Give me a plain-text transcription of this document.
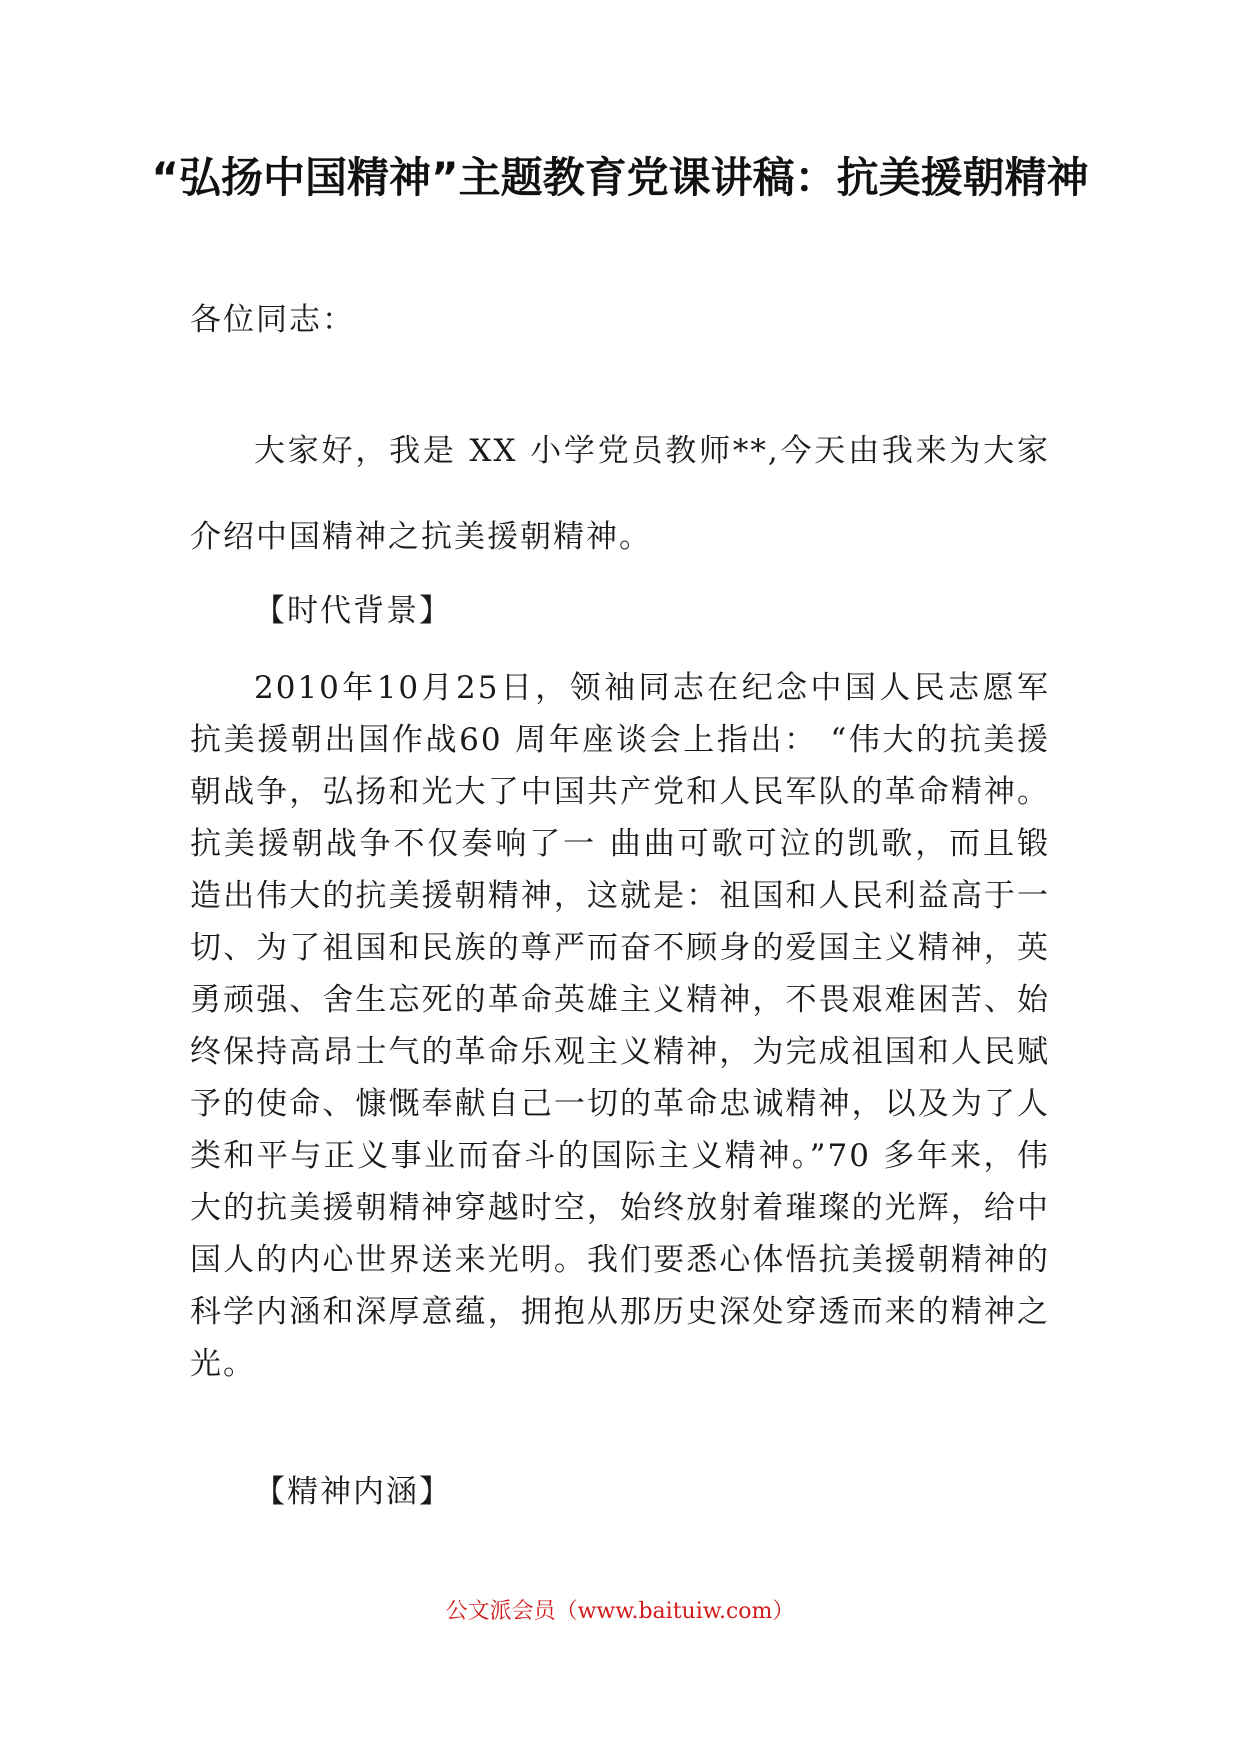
“弘扬中国精神”主题教育党课讲稿：抗美援朝精神

各位同志：

大家好，我是 XX 小学党员教师**,今天由我来为大家介绍中国精神之抗美援朝精神。

【时代背景】

2010年10月25日，领袖同志在纪念中国人民志愿军抗美援朝出国作战60 周年座谈会上指出： “伟大的抗美援朝战争，弘扬和光大了中国共产党和人民军队的革命精神。抗美援朝战争不仅奏响了一 曲曲可歌可泣的凯歌，而且锻造出伟大的抗美援朝精神，这就是：祖国和人民利益高于一切、为了祖国和民族的尊严而奋不顾身的爱国主义精神，英勇顽强、舍生忘死的革命英雄主义精神，不畏艰难困苦、始终保持高昂士气的革命乐观主义精神，为完成祖国和人民赋予的使命、慷慨奉献自己一切的革命忠诚精神，以及为了人类和平与正义事业而奋斗的国际主义精神。”70 多年来，伟大的抗美援朝精神穿越时空，始终放射着璀璨的光辉，给中国人的内心世界送来光明。我们要悉心体悟抗美援朝精神的科学内涵和深厚意蕴，拥抱从那历史深处穿透而来的精神之光。

【精神内涵】

公文派会员（www.baituiw.com）
